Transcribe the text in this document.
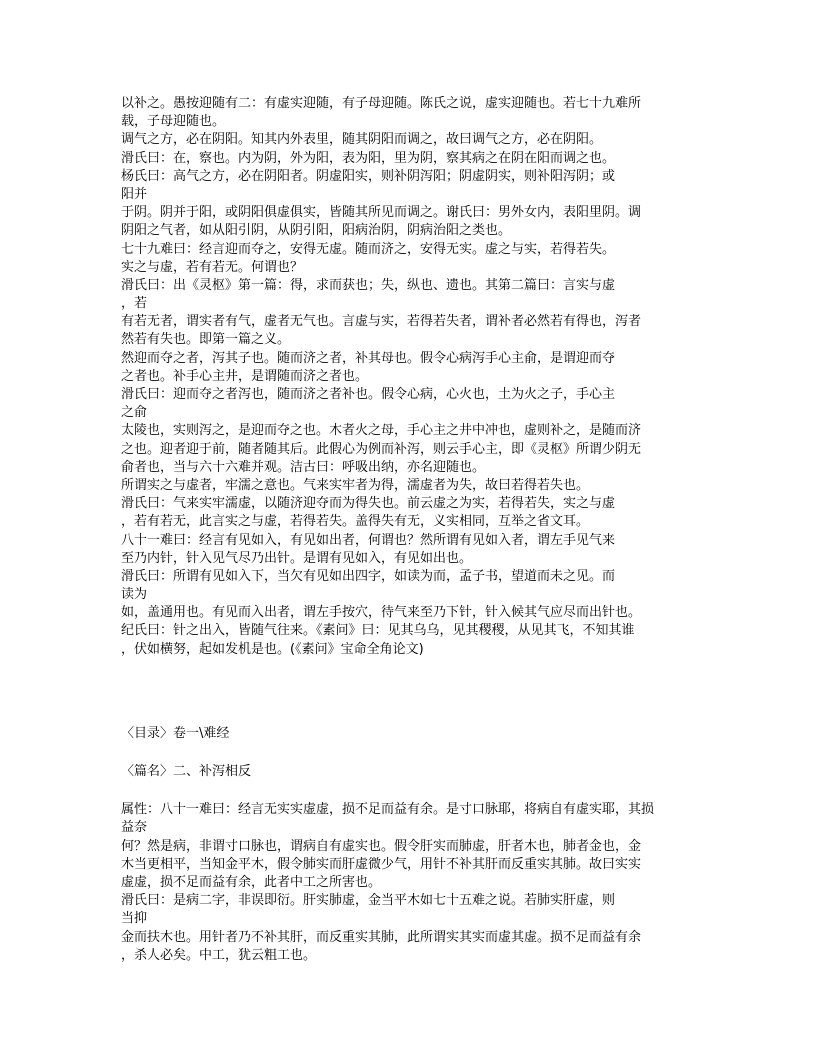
以补之。愚按迎随有二：有虚实迎随，有子母迎随。陈氏之说，虚实迎随也。若七十九难所
载，子母迎随也。
调气之方，必在阴阳。知其内外表里，随其阴阳而调之，故曰调气之方，必在阴阳。
滑氏曰：在，察也。内为阴，外为阳，表为阳，里为阴，察其病之在阴在阳而调之也。
杨氏曰：高气之方，必在阴阳者。阴虚阳实，则补阴泻阳；阴虚阴实，则补阳泻阴；或
阳并
于阴。阴并于阳，或阴阳俱虚俱实，皆随其所见而调之。谢氏曰：男外女内，表阳里阴。调
阴阳之气者，如从阳引阴，从阴引阳，阳病治阴，阴病治阳之类也。
七十九难曰：经言迎而夺之，安得无虚。随而济之，安得无实。虚之与实，若得若失。
实之与虚，若有若无。何谓也？
滑氏曰：出《灵枢》第一篇：得，求而获也；失，纵也、遗也。其第二篇曰：言实与虚
，若
有若无者，谓实者有气，虚者无气也。言虚与实，若得若失者，谓补者必然若有得也，泻者
然若有失也。即第一篇之义。
然迎而夺之者，泻其子也。随而济之者，补其母也。假令心病泻手心主俞，是谓迎而夺
之者也。补手心主井，是谓随而济之者也。
滑氏曰：迎而夺之者泻也，随而济之者补也。假令心病，心火也，土为火之子，手心主
之俞
太陵也，实则泻之，是迎而夺之也。木者火之母，手心主之井中冲也，虚则补之，是随而济
之也。迎者迎于前，随者随其后。此假心为例而补泻，则云手心主，即《灵枢》所谓少阴无
俞者也，当与六十六难并观。洁古曰：呼吸出纳，亦名迎随也。
所谓实之与虚者，牢濡之意也。气来实牢者为得，濡虚者为失，故曰若得若失也。
滑氏曰：气来实牢濡虚，以随济迎夺而为得失也。前云虚之为实，若得若失，实之与虚
，若有若无，此言实之与虚，若得若失。盖得失有无，义实相同，互举之省文耳。
八十一难曰：经言有见如入，有见如出者，何谓也？然所谓有见如入者，谓左手见气来
至乃内针，针入见气尽乃出针。是谓有见如入，有见如出也。
滑氏曰：所谓有见如入下，当欠有见如出四字，如读为而，孟子书，望道而未之见。而
读为
如，盖通用也。有见而入出者，谓左手按穴，待气来至乃下针，针入候其气应尽而出针也。
纪氏曰：针之出入，皆随气往来。《素问》曰：见其乌乌，见其稷稷，从见其飞，不知其谁
，伏如横努，起如发机是也。(《素问》宝命全角论文)
〈目录〉卷一\难经
〈篇名〉二、补泻相反
属性：八十一难曰：经言无实实虚虚，损不足而益有余。是寸口脉耶，将病自有虚实耶，其损
益奈
何？然是病，非谓寸口脉也，谓病自有虚实也。假令肝实而肺虚，肝者木也，肺者金也，金
木当更相平，当知金平木，假令肺实而肝虚微少气，用针不补其肝而反重实其肺。故曰实实
虚虚，损不足而益有余，此者中工之所害也。
滑氏曰：是病二字，非误即衍。肝实肺虚，金当平木如七十五难之说。若肺实肝虚，则
当抑
金而扶木也。用针者乃不补其肝，而反重实其肺，此所谓实其实而虚其虚。损不足而益有余
，杀人必矣。中工，犹云粗工也。
